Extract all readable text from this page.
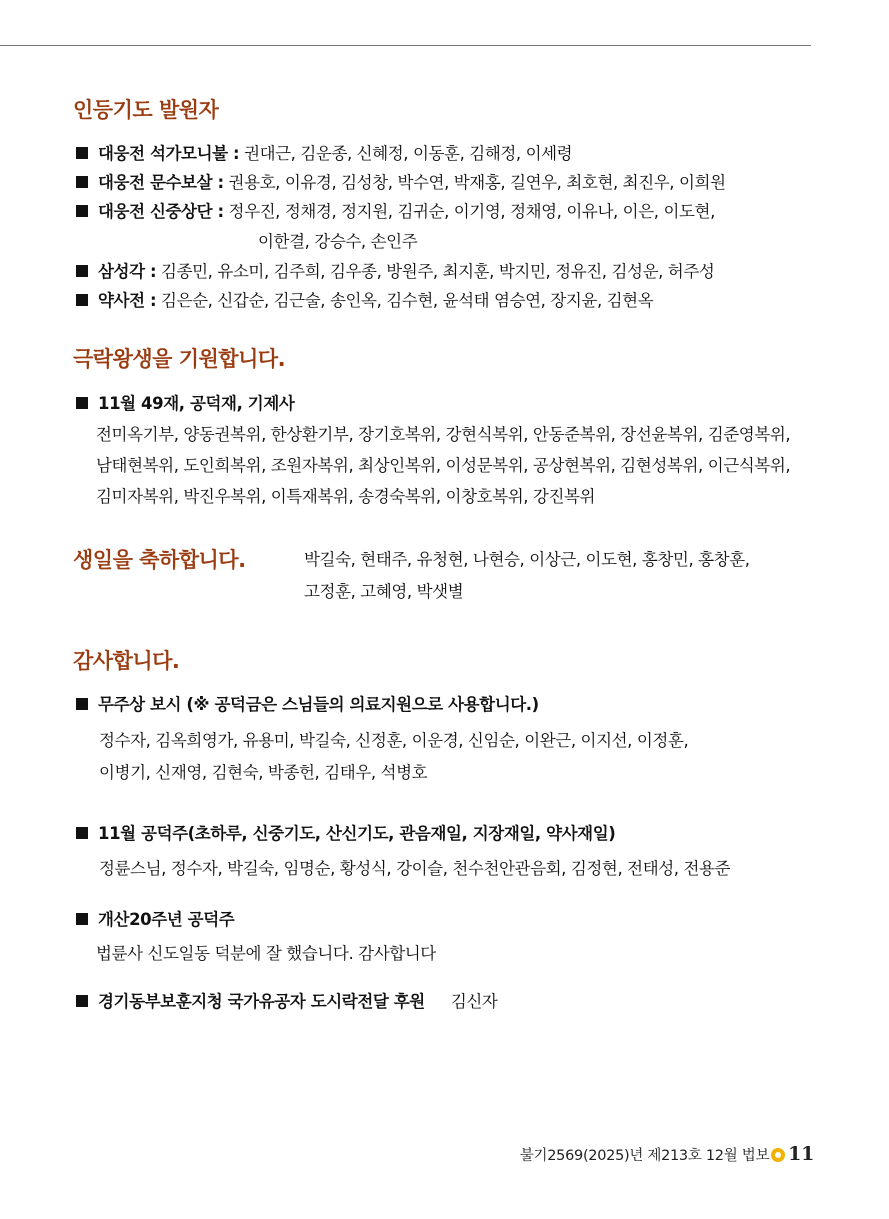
인등기도 발원자
대웅전 석가모니불 : 권대근, 김운종, 신혜정, 이동훈, 김해정, 이세령
대웅전 문수보살 : 권용호, 이유경, 김성창, 박수연, 박재홍, 길연우, 최호현, 최진우, 이희원
대웅전 신중상단 : 정우진, 정채경, 정지원, 김귀순, 이기영, 정채영, 이유나, 이은, 이도현,
이한결, 강승수, 손인주
삼성각 : 김종민, 유소미, 김주희, 김우종, 방원주, 최지훈, 박지민, 정유진, 김성운, 허주성
약사전 : 김은순, 신갑순, 김근술, 송인옥, 김수현, 윤석태 염승연, 장지윤, 김현옥
극락왕생을 기원합니다.
11월 49재, 공덕재, 기제사
전미옥기부, 양동권복위, 한상환기부, 장기호복위, 강현식복위, 안동준복위, 장선윤복위, 김준영복위,
남태현복위, 도인희복위, 조원자복위, 최상인복위, 이성문복위, 공상현복위, 김현성복위, 이근식복위,
김미자복위, 박진우복위, 이특재복위, 송경숙복위, 이창호복위, 강진복위
생일을 축하합니다.	박길숙, 현태주, 유청현, 나현승, 이상근, 이도현, 홍창민, 홍창훈,
고정훈, 고혜영, 박샛별
감사합니다.
무주상 보시 (※ 공덕금은 스님들의 의료지원으로 사용합니다.)
정수자, 김옥희영가, 유용미, 박길숙, 신정훈, 이운경, 신임순, 이완근, 이지선, 이정훈,
이병기, 신재영, 김현숙, 박종헌, 김태우, 석병호
11월 공덕주(초하루, 신중기도, 산신기도, 관음재일, 지장재일, 약사재일)
정륜스님, 정수자, 박길숙, 임명순, 황성식, 강이슬, 천수천안관음회, 김정현, 전태성, 전용준
개산20주년 공덕주
법륜사 신도일동 덕분에 잘 했습니다. 감사합니다
경기동부보훈지청 국가유공자 도시락전달 후원 김신자
불기2569(2025)년 제213호 12월 법보 11
